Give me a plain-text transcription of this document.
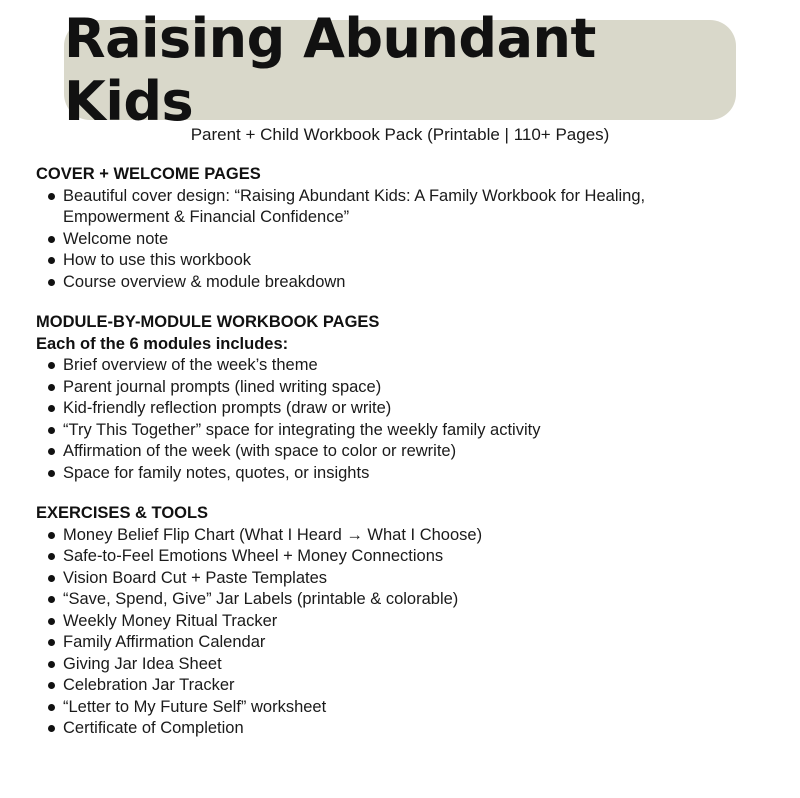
Raising Abundant Kids
Parent + Child Workbook Pack (Printable | 110+ Pages)
COVER + WELCOME PAGES
Beautiful cover design: “Raising Abundant Kids: A Family Workbook for Healing, Empowerment & Financial Confidence”
Welcome note
How to use this workbook
Course overview & module breakdown
MODULE-BY-MODULE WORKBOOK PAGES

Each of the 6 modules includes:

Brief overview of the week’s theme
Parent journal prompts (lined writing space)
Kid-friendly reflection prompts (draw or write)
“Try This Together” space for integrating the weekly family activity
Affirmation of the week (with space to color or rewrite)
Space for family notes, quotes, or insights
EXERCISES & TOOLS
Money Belief Flip Chart (What I Heard → What I Choose)
Safe-to-Feel Emotions Wheel + Money Connections
Vision Board Cut + Paste Templates
“Save, Spend, Give” Jar Labels (printable & colorable)
Weekly Money Ritual Tracker
Family Affirmation Calendar
Giving Jar Idea Sheet
Celebration Jar Tracker
“Letter to My Future Self” worksheet
Certificate of Completion
